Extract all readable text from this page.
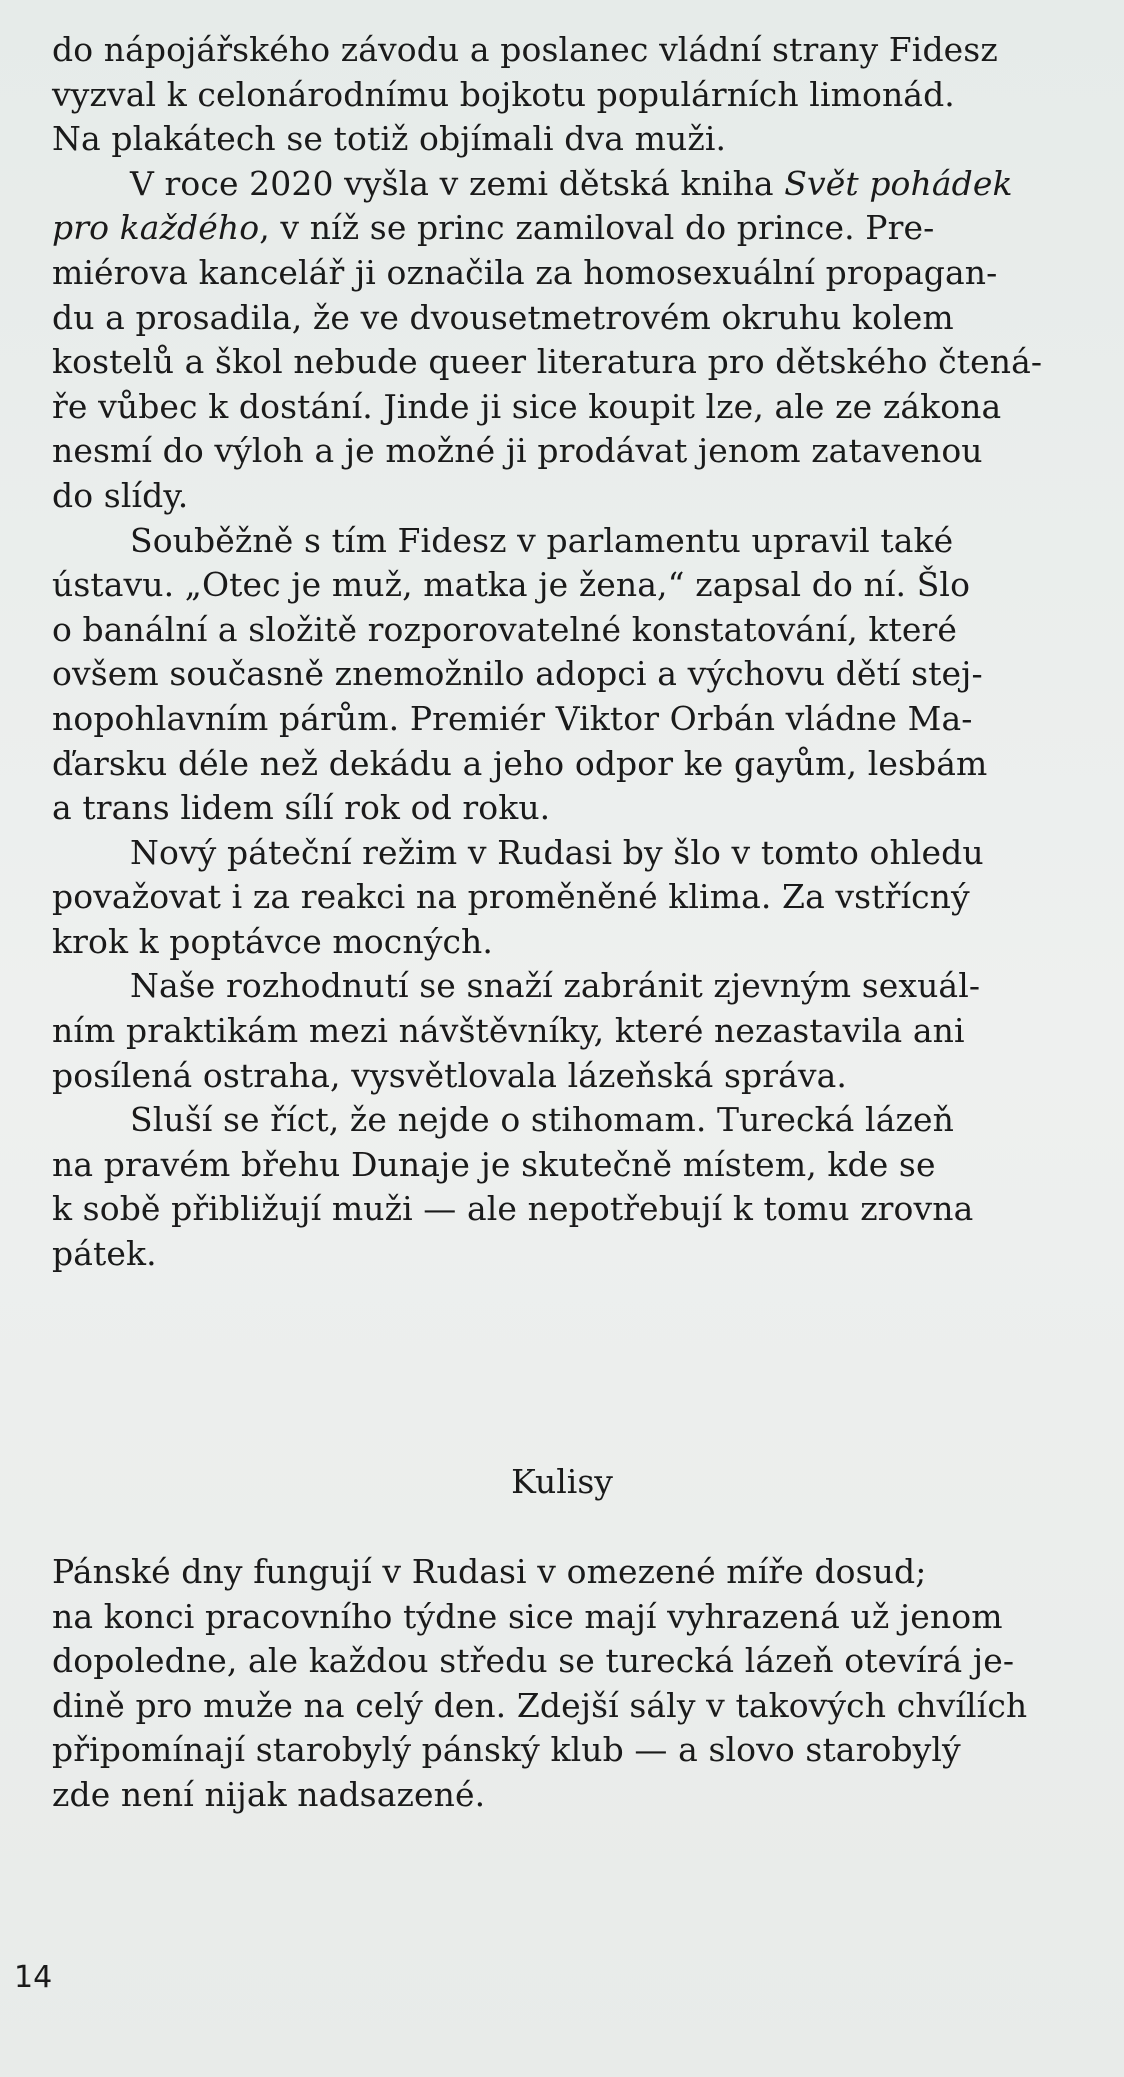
do nápojářského závodu a poslanec vládní strany Fidesz
vyzval k celonárodnímu bojkotu populárních limonád.
Na plakátech se totiž objímali dva muži.
V roce 2020 vyšla v zemi dětská kniha Svět pohádek
pro každého, v níž se princ zamiloval do prince. Pre-
miérova kancelář ji označila za homosexuální propagan-
du a prosadila, že ve dvousetmetrovém okruhu kolem
kostelů a škol nebude queer literatura pro dětského čtená-
ře vůbec k dostání. Jinde ji sice koupit lze, ale ze zákona
nesmí do výloh a je možné ji prodávat jenom zatavenou
do slídy.
Souběžně s tím Fidesz v parlamentu upravil také
ústavu. „Otec je muž, matka je žena,“ zapsal do ní. Šlo
o banální a složitě rozporovatelné konstatování, které
ovšem současně znemožnilo adopci a výchovu dětí stej-
nopohlavním párům. Premiér Viktor Orbán vládne Ma-
ďarsku déle než dekádu a jeho odpor ke gayům, lesbám
a trans lidem sílí rok od roku.
Nový páteční režim v Rudasi by šlo v tomto ohledu
považovat i za reakci na proměněné klima. Za vstřícný
krok k poptávce mocných.
Naše rozhodnutí se snaží zabránit zjevným sexuál-
ním praktikám mezi návštěvníky, které nezastavila ani
posílená ostraha, vysvětlovala lázeňská správa.
Sluší se říct, že nejde o stihomam. Turecká lázeň
na pravém břehu Dunaje je skutečně místem, kde se
k sobě přibližují muži — ale nepotřebují k tomu zrovna
pátek.
Kulisy
Pánské dny fungují v Rudasi v omezené míře dosud;
na konci pracovního týdne sice mají vyhrazená už jenom
dopoledne, ale každou středu se turecká lázeň otevírá je-
dině pro muže na celý den. Zdejší sály v takových chvílích
připomínají starobylý pánský klub — a slovo starobylý
zde není nijak nadsazené.
14
